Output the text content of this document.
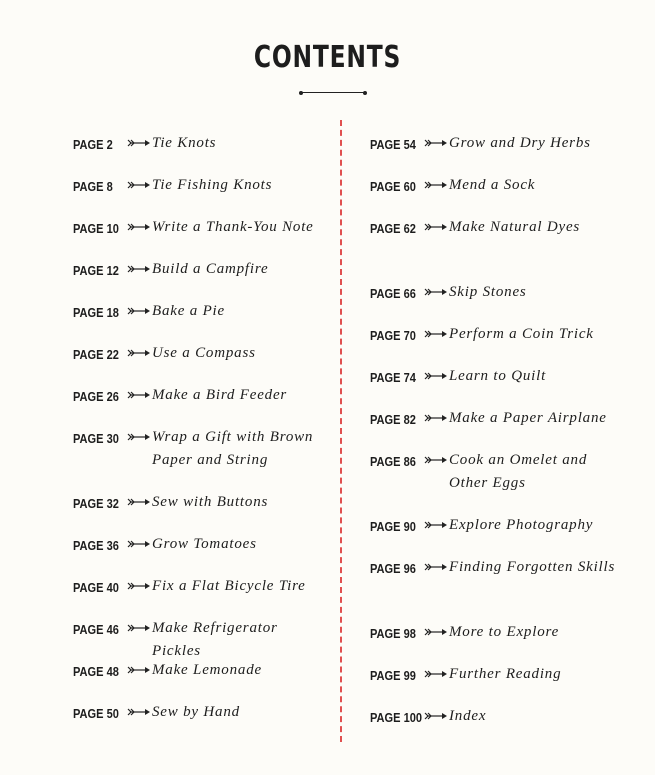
CONTENTS
PAGE 2	Tie Knots
PAGE 8	Tie Fishing Knots
PAGE 10 Write a Thank-You Note
PAGE 12 Build a Campfire
PAGE 18 Bake a Pie
PAGE 22 Use a Compass
PAGE 26 Make a Bird Feeder
PAGE 30 Wrap a Gift with Brown Paper and String
PAGE 32 Sew with Buttons
PAGE 36 Grow Tomatoes
PAGE 40 Fix a Flat Bicycle Tire
PAGE 46 Make Refrigerator Pickles
PAGE 48 Make Lemonade
PAGE 50 Sew by Hand
PAGE 54 Grow and Dry Herbs
PAGE 60 Mend a Sock
PAGE 62 Make Natural Dyes
PAGE 66 Skip Stones
PAGE 70 Perform a Coin Trick
PAGE 74 Learn to Quilt
PAGE 82 Make a Paper Airplane
PAGE 86 Cook an Omelet and Other Eggs
PAGE 90 Explore Photography
PAGE 96 Finding Forgotten Skills
PAGE 98 More to Explore
PAGE 99 Further Reading
PAGE 100 Index
